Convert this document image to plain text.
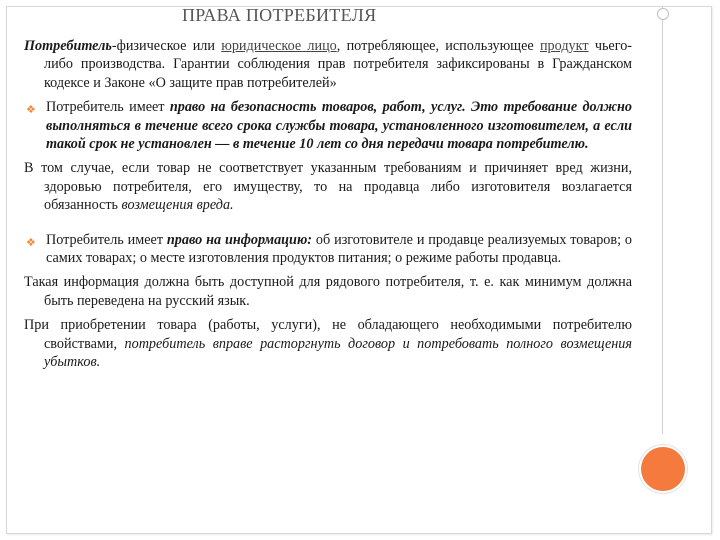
ПРАВА ПОТРЕБИТЕЛЯ

Потребитель-физическое или юридическое лицо, потребляющее, использующее продукт чьего-либо производства. Гарантии соблюдения прав потребителя зафиксированы в Гражданском кодексе и Законе «О защите прав потребителей»

❖ Потребитель имеет право на безопасность товаров, работ, услуг. Это требование должно выполняться в течение всего срока службы товара, установленного изготовителем, а если такой срок не установлен — в течение 10 лет со дня передачи товара потребителю.

В том случае, если товар не соответствует указанным требованиям и причиняет вред жизни, здоровью потребителя, его имуществу, то на продавца либо изготовителя возлагается обязанность возмещения вреда.

❖ Потребитель имеет право на информацию: об изготовителе и продавце реализуемых товаров; о самих товарах; о месте изготовления продуктов питания; о режиме работы продавца.

Такая информация должна быть доступной для рядового потребителя, т. е. как минимум должна быть переведена на русский язык.

При приобретении товара (работы, услуги), не обладающего необходимыми потребителю свойствами, потребитель вправе расторгнуть договор и потребовать полного возмещения убытков.
